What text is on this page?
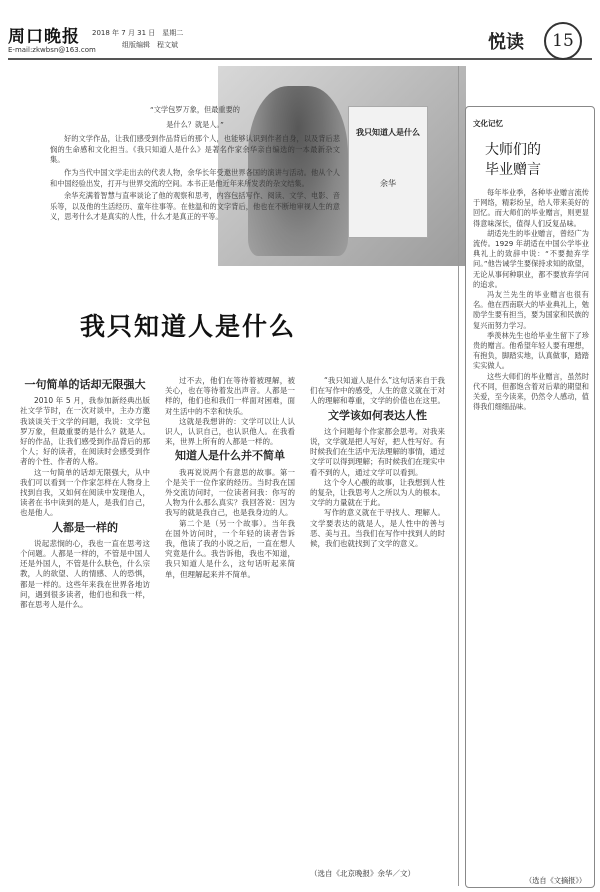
周口晚报 2018 年 7 月 31 日　星期二
组版编辑　程文斌
E-mail:zkwbsn@163.com	悦读	15
我只知道人是什么
余华

“文学包罗万象，但最重要的

是什么？就是人。”

好的文学作品，让我们感受到作品背后的那个人，也能够认识到作者自身，以及背后悲悯的生命感和文化担当。《我只知道人是什么》是著名作家余华亲自编选的一本最新杂文集。

作为当代中国文学走出去的代表人物，余华长年受邀世界各国的演讲与活动。他从个人和中国经验出发，打开与世界交流的空间。本书正是他近年来所发表的杂文结集。

余华充满着智慧与直率谈论了他的观察和思考，内容包括写作、阅读、文学、电影、音乐等，以及他的生活经历、童年往事等。在他温和的文字背后，他也在不断地审视人生的意义，思考什么才是真实的人性，什么才是真正的平等。

我只知道人是什么
一句简单的话却无限强大

2010 年 5 月，我参加新经典出版社文学节时，在一次对谈中，主办方邀我谈谈关于文学的问题，我说：文学包罗万象，但最重要的是什么？就是人。好的作品，让我们感受到作品背后的那个人；好的读者，在阅读时会感受到作者的个性、作者的人格。

这一句简单的话却无限强大，从中我们可以看到一个作家怎样在人物身上找到自我，又如何在阅读中发现他人，读者在书中读到的是人，是我们自己，也是他人。

人都是一样的

说起悲悯的心，我也一直在思考这个问题。人都是一样的，不管是中国人还是外国人，不管是什么肤色，什么宗教，人的欲望、人的情感、人的恐惧，都是一样的。这些年来我在世界各地访问，遇到很多读者，他们也和我一样，都在思考人是什么。

过不去，他们在等待着被理解，被关心，也在等待着发出声音。人都是一样的，他们也和我们一样面对困难，面对生活中的不幸和快乐。

这就是我想讲的：文学可以让人认识人，认识自己，也认识他人。在我看来，世界上所有的人都是一样的。

知道人是什么并不简单

我再说说两个有意思的故事。第一个是关于一位作家的经历。当时我在国外交流访问时，一位读者问我：你写的人物为什么那么真实？我回答说：因为我写的就是我自己，也是我身边的人。

第二个是（另一个故事）。当年我在国外访问时，一个年轻的读者告诉我，他读了我的小说之后，一直在想人究竟是什么。我告诉他，我也不知道，我只知道人是什么，这句话听起来简单，但理解起来并不简单。

“我只知道人是什么”这句话来自于我们在写作中的感受，人生的意义就在于对人的理解和尊重，文学的价值也在这里。

文学该如何表达人性

这个问题每个作家都会思考。对我来说，文学就是把人写好，把人性写好。有时候我们在生活中无法理解的事情，通过文学可以得到理解；有时候我们在现实中看不到的人，通过文学可以看到。

这个令人心酸的故事，让我想到人性的复杂，让我思考人之所以为人的根本。文学的力量就在于此。

写作的意义就在于寻找人、理解人。文学要表达的就是人，是人性中的善与恶、美与丑。当我们在写作中找到人的时候，我们也就找到了文学的意义。

（选自《北京晚报》余华／文）
文化记忆
大师们的
毕业赠言

每年毕业季，各种毕业赠言流传于网络，精彩纷呈，给人带来美好的回忆。而大师们的毕业赠言，则更显得意味深长，值得人们反复品味。

胡适先生的毕业赠言，曾经广为流传。1929 年胡适在中国公学毕业典礼上的致辞中说：“不要抛弃学问。”他告诫学生要保持求知的欲望，无论从事何种职业，都不要放弃学问的追求。

冯友兰先生的毕业赠言也很有名。他在西南联大的毕业典礼上，勉励学生要有担当，要为国家和民族的复兴而努力学习。

季羡林先生也给毕业生留下了珍贵的赠言。他希望年轻人要有理想，有抱负，脚踏实地，认真做事，踏踏实实做人。

这些大师们的毕业赠言，虽然时代不同，但都饱含着对后辈的期望和关爱，至今读来，仍然令人感动，值得我们细细品味。

（选自《文摘报》）
